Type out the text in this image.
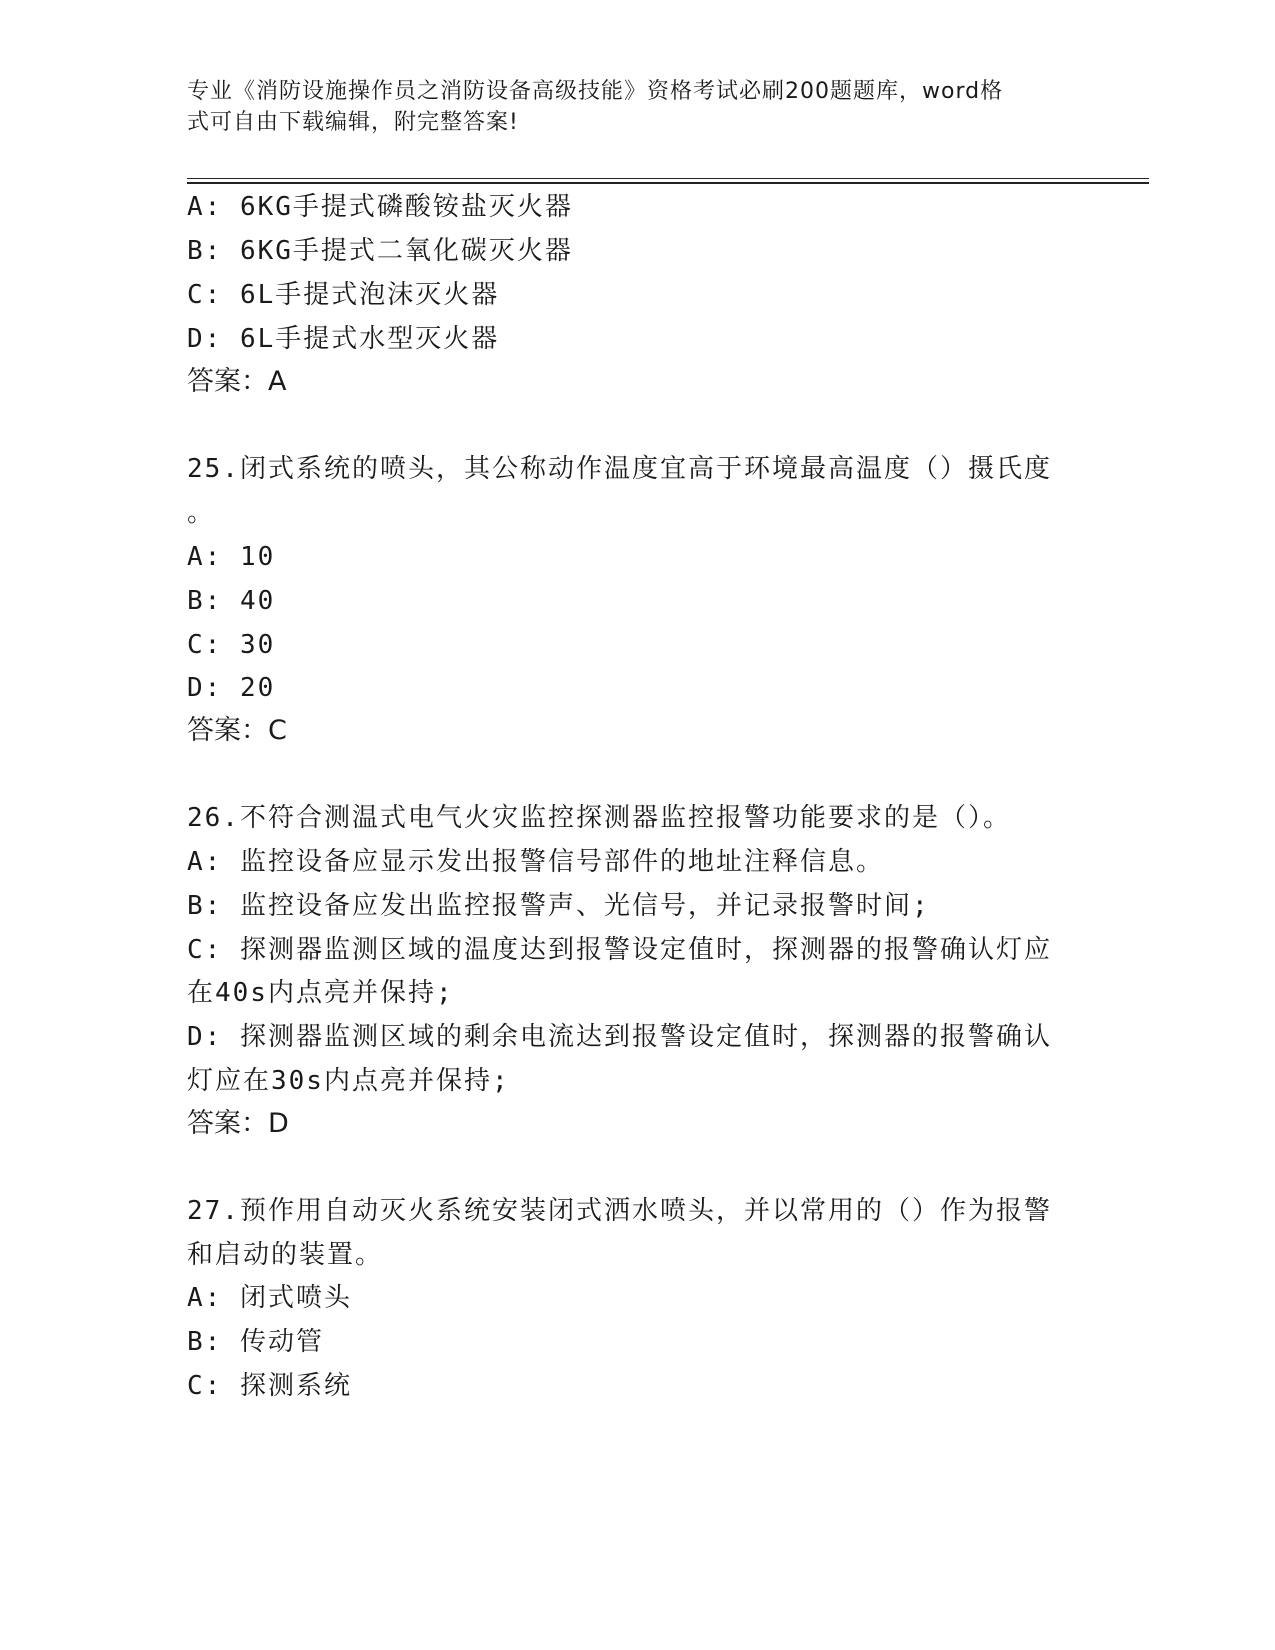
专业《消防设施操作员之消防设备高级技能》资格考试必刷200题题库，word格
式可自由下载编辑，附完整答案!
A: 6KG手提式磷酸铵盐灭火器
B: 6KG手提式二氧化碳灭火器
C: 6L手提式泡沫灭火器
D: 6L手提式水型灭火器
答案：A
25.闭式系统的喷头，其公称动作温度宜高于环境最高温度（）摄氏度
。
A: 10
B: 40
C: 30
D: 20
答案：C
26.不符合测温式电气火灾监控探测器监控报警功能要求的是（）。
A: 监控设备应显示发出报警信号部件的地址注释信息。
B: 监控设备应发出监控报警声、光信号，并记录报警时间;
C: 探测器监测区域的温度达到报警设定值时，探测器的报警确认灯应
在40s内点亮并保持;
D: 探测器监测区域的剩余电流达到报警设定值时，探测器的报警确认
灯应在30s内点亮并保持;
答案：D
27.预作用自动灭火系统安装闭式洒水喷头，并以常用的（）作为报警
和启动的装置。
A: 闭式喷头
B: 传动管
C: 探测系统
